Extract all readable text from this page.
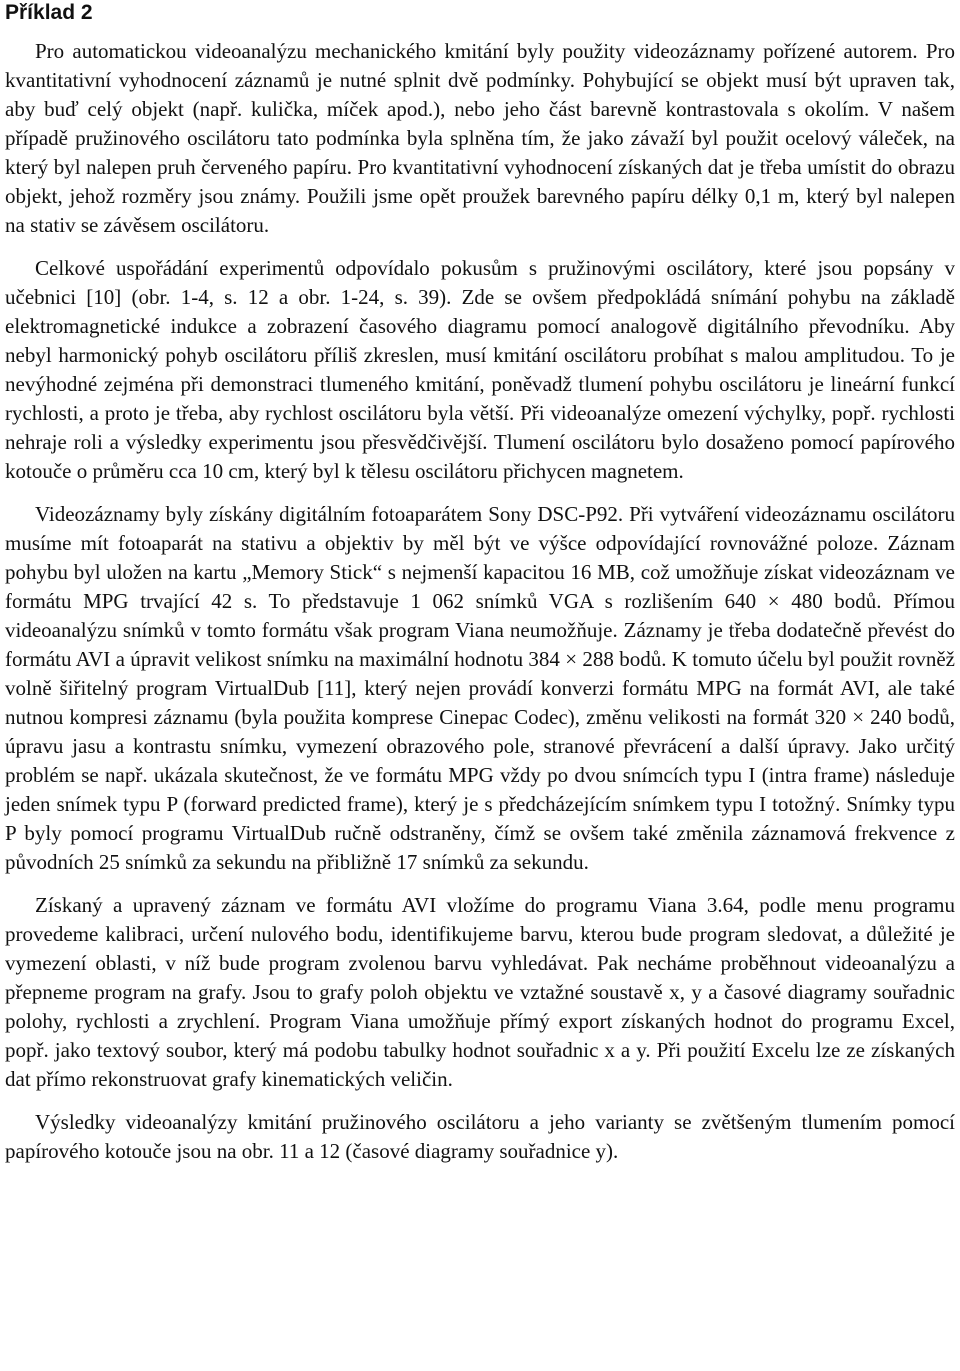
Příklad 2

Pro automatickou videoanalýzu mechanického kmitání byly použity videozáznamy pořízené autorem. Pro kvantitativní vyhodnocení záznamů je nutné splnit dvě podmínky. Pohybující se objekt musí být upraven tak, aby buď celý objekt (např. kulička, míček apod.), nebo jeho část barevně kontrastovala s okolím. V našem případě pružinového oscilátoru tato podmínka byla splněna tím, že jako závaží byl použit ocelový váleček, na který byl nalepen pruh červeného papíru. Pro kvantitativní vyhodnocení získaných dat je třeba umístit do obrazu objekt, jehož rozměry jsou známy. Použili jsme opět proužek barevného papíru délky 0,1 m, který byl nalepen na stativ se závěsem oscilátoru.

Celkové uspořádání experimentů odpovídalo pokusům s pružinovými oscilátory, které jsou popsány v učebnici [10] (obr. 1-4, s. 12 a obr. 1-24, s. 39). Zde se ovšem předpokládá snímání pohybu na základě elektromagnetické indukce a zobrazení časového diagramu pomocí analogově digitálního převodníku. Aby nebyl harmonický pohyb oscilátoru příliš zkreslen, musí kmitání oscilátoru probíhat s malou amplitudou. To je nevýhodné zejména při demonstraci tlumeného kmitání, poněvadž tlumení pohybu oscilátoru je lineární funkcí rychlosti, a proto je třeba, aby rychlost oscilátoru byla větší. Při videoanalýze omezení výchylky, popř. rychlosti nehraje roli a výsledky experimentu jsou přesvědčivější. Tlumení oscilátoru bylo dosaženo pomocí papírového kotouče o průměru cca 10 cm, který byl k tělesu oscilátoru přichycen magnetem.

Videozáznamy byly získány digitálním fotoaparátem Sony DSC-P92. Při vytváření videozáznamu oscilátoru musíme mít fotoaparát na stativu a objektiv by měl být ve výšce odpovídající rovnovážné poloze. Záznam pohybu byl uložen na kartu „Memory Stick“ s nejmenší kapacitou 16 MB, což umožňuje získat videozáznam ve formátu MPG trvající 42 s. To představuje 1 062 snímků VGA s rozlišením 640 × 480 bodů. Přímou videoanalýzu snímků v tomto formátu však program Viana neumožňuje. Záznamy je třeba dodatečně převést do formátu AVI a úpravit velikost snímku na maximální hodnotu 384 × 288 bodů. K tomuto účelu byl použit rovněž volně šiřitelný program VirtualDub [11], který nejen provádí konverzi formátu MPG na formát AVI, ale také nutnou kompresi záznamu (byla použita komprese Cinepac Codec), změnu velikosti na formát 320 × 240 bodů, úpravu jasu a kontrastu snímku, vymezení obrazového pole, stranové převrácení a další úpravy. Jako určitý problém se např. ukázala skutečnost, že ve formátu MPG vždy po dvou snímcích typu I (intra frame) následuje jeden snímek typu P (forward predicted frame), který je s předcházejícím snímkem typu I totožný. Snímky typu P byly pomocí programu VirtualDub ručně odstraněny, čímž se ovšem také změnila záznamová frekvence z původních 25 snímků za sekundu na přibližně 17 snímků za sekundu.

Získaný a upravený záznam ve formátu AVI vložíme do programu Viana 3.64, podle menu programu provedeme kalibraci, určení nulového bodu, identifikujeme barvu, kterou bude program sledovat, a důležité je vymezení oblasti, v níž bude program zvolenou barvu vyhledávat. Pak necháme proběhnout videoanalýzu a přepneme program na grafy. Jsou to grafy poloh objektu ve vztažné soustavě x, y a časové diagramy souřadnic polohy, rychlosti a zrychlení. Program Viana umožňuje přímý export získaných hodnot do programu Excel, popř. jako textový soubor, který má podobu tabulky hodnot souřadnic x a y. Při použití Excelu lze ze získaných dat přímo rekonstruovat grafy kinematických veličin.

Výsledky videoanalýzy kmitání pružinového oscilátoru a jeho varianty se zvětšeným tlumením pomocí papírového kotouče jsou na obr. 11 a 12 (časové diagramy souřadnice y).
